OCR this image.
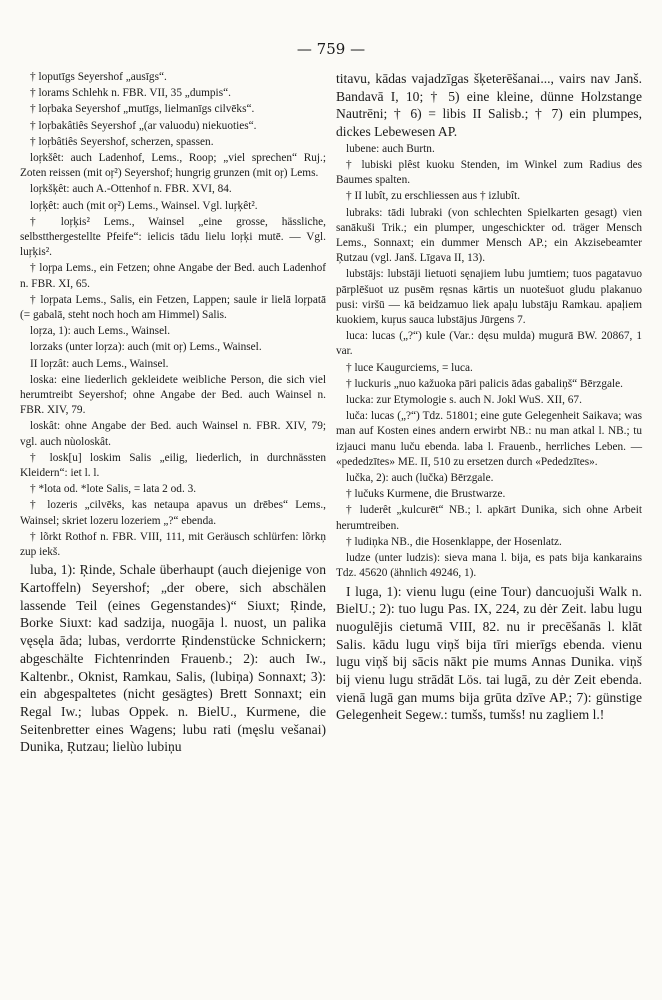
— 759 —

† loputīgs Seyershof „ausīgs“.

† lorams Schlehk n. FBR. VII, 35 „dumpis“.

† loŗbaka Seyershof „mutīgs, lielmanīgs cilvēks“.

† loŗbakâtiês Seyershof „(ar valuodu) niekuoties“.

† loŗbâtiês Seyershof, scherzen, spassen.

loŗkšêt: auch Ladenhof, Lems., Roop; „viel sprechen“ Ruj.; Zoten reissen (mit oŗ²) Seyershof; hungrig grunzen (mit oŗ) Lems.

loŗkšķêt: auch A.-Ottenhof n. FBR. XVI, 84.

loŗķêt: auch (mit oŗ²) Lems., Wainsel. Vgl. luŗķêt².

† loŗķis² Lems., Wainsel „eine grosse, hässliche, selbstthergestellte Pfeife“: ielicis tādu lielu loŗķi mutē. — Vgl. luŗķis².

† loŗpa Lems., ein Fetzen; ohne Angabe der Bed. auch Ladenhof n. FBR. XI, 65.

† loŗpata Lems., Salis, ein Fetzen, Lappen; saule ir lielā loŗpatā (= gabalā, steht noch hoch am Himmel) Salis.

loŗza, 1): auch Lems., Wainsel.

lorzaks (unter loŗza): auch (mit oŗ) Lems., Wainsel.

II loŗzât: auch Lems., Wainsel.

loska: eine liederlich gekleidete weibliche Person, die sich viel herumtreibt Seyershof; ohne Angabe der Bed. auch Wainsel n. FBR. XIV, 79.

loskât: ohne Angabe der Bed. auch Wainsel n. FBR. XIV, 79; vgl. auch nùoloskât.

† losk[u] loskim Salis „eilig, liederlich, in durchnässten Kleidern“: iet l. l.

† *lota od. *lote Salis, = lata 2 od. 3.

† lozeris „cilvēks, kas netaupa apavus un drēbes“ Lems., Wainsel; skriet lozeru lozeriem „?“ ebenda.

† lõrkt Rothof n. FBR. VIII, 111, mit Geräusch schlürfen: lõrkņ zup iekš.

luba, 1): Ŗinde, Schale überhaupt (auch diejenige von Kartoffeln) Seyershof; „der obere, sich abschälen lassende Teil (eines Gegenstandes)“ Siuxt; Ŗinde, Borke Siuxt: kad sadzija, nuogāja l. nuost, un palika vęsęla āda; lubas, verdorrte Ŗindenstücke Schnickern; abgeschälte Fichtenrinden Frauenb.; 2): auch Iw., Kaltenbr., Oknist, Ramkau, Salis, (lubiņa) Sonnaxt; 3): ein abgespaltetes (nicht gesägtes) Brett Sonnaxt; ein Regal Iw.; lubas Oppek. n. BielU., Kurmene, die Seitenbretter eines Wagens; lubu rati (męslu vešanai) Dunika, Ŗutzau; lielùo lubiņu

titavu, kādas vajadzīgas šķeterēšanai..., vairs nav Janš. Bandavā I, 10; † 5) eine kleine, dünne Holzstange Nautrēni; † 6) = libis II Salisb.; † 7) ein plumpes, dickes Lebewesen AP.

lubene: auch Burtn.

† lubiski plêst kuoku Stenden, im Winkel zum Radius des Baumes spalten.

† II lubît, zu erschliessen aus † izlubît.

lubraks: tādi lubraki (von schlechten Spielkarten gesagt) vien sanākuši Trik.; ein plumper, ungeschickter od. träger Mensch Lems., Sonnaxt; ein dummer Mensch AP.; ein Akzisebeamter Ŗutzau (vgl. Janš. Līgava II, 13).

lubstājs: lubstāji lietuoti sęnajiem lubu jumtiem; tuos pagatavuo pārplēšuot uz pusēm ręsnas kārtis un nuotešuot gludu plakanuo pusi: viršū — kā beidzamuo liek apaļu lubstāju Ramkau. apaļiem kuokiem, kuŗus sauca lubstājus Jūrgens 7.

luca: lucas („?“) kule (Var.: dęsu mulda) mugurā BW. 20867, 1 var.

† luce Kaugurciems, = luca.

† luckuris „nuo kažuoka pāri palicis ādas gabaliņš“ Bērzgale.

lucka: zur Etymologie s. auch N. Jokl WuS. XII, 67.

luča: lucas („?“) Tdz. 51801; eine gute Gelegenheit Saikava; was man auf Kosten eines andern erwirbt NB.: nu man atkal l. NB.; tu izjauci manu luču ebenda. laba l. Frauenb., herrliches Leben. — «pededzītes» ME. II, 510 zu ersetzen durch «Pededzītes».

lučka, 2): auch (lučka) Bērzgale.

† lučuks Kurmene, die Brustwarze.

† luderêt „kulcurēt“ NB.; l. apkārt Dunika, sich ohne Arbeit herumtreiben.

† ludiņka NB., die Hosenklappe, der Hosenlatz.

ludze (unter ludzis): sieva mana l. bija, es pats bija kankarains Tdz. 45620 (ähnlich 49246, 1).

I luga, 1): vienu lugu (eine Tour) dancuojuši Walk n. BielU.; 2): tuo lugu Pas. IX, 224, zu dėr Zeit. labu lugu nuogulējis cietumā VIII, 82. nu ir precēšanās l. klāt Salis. kādu lugu viņš bija tīri mierīgs ebenda. vienu lugu viņš bij sācis nākt pie mums Annas Dunika. viņš bij vienu lugu strādāt Lös. tai lugā, zu dėr Zeit ebenda. vienā lugā gan mums bija grūta dzīve AP.; 7): günstige Gelegenheit Segew.: tumšs, tumšs! nu zagliem l.!
